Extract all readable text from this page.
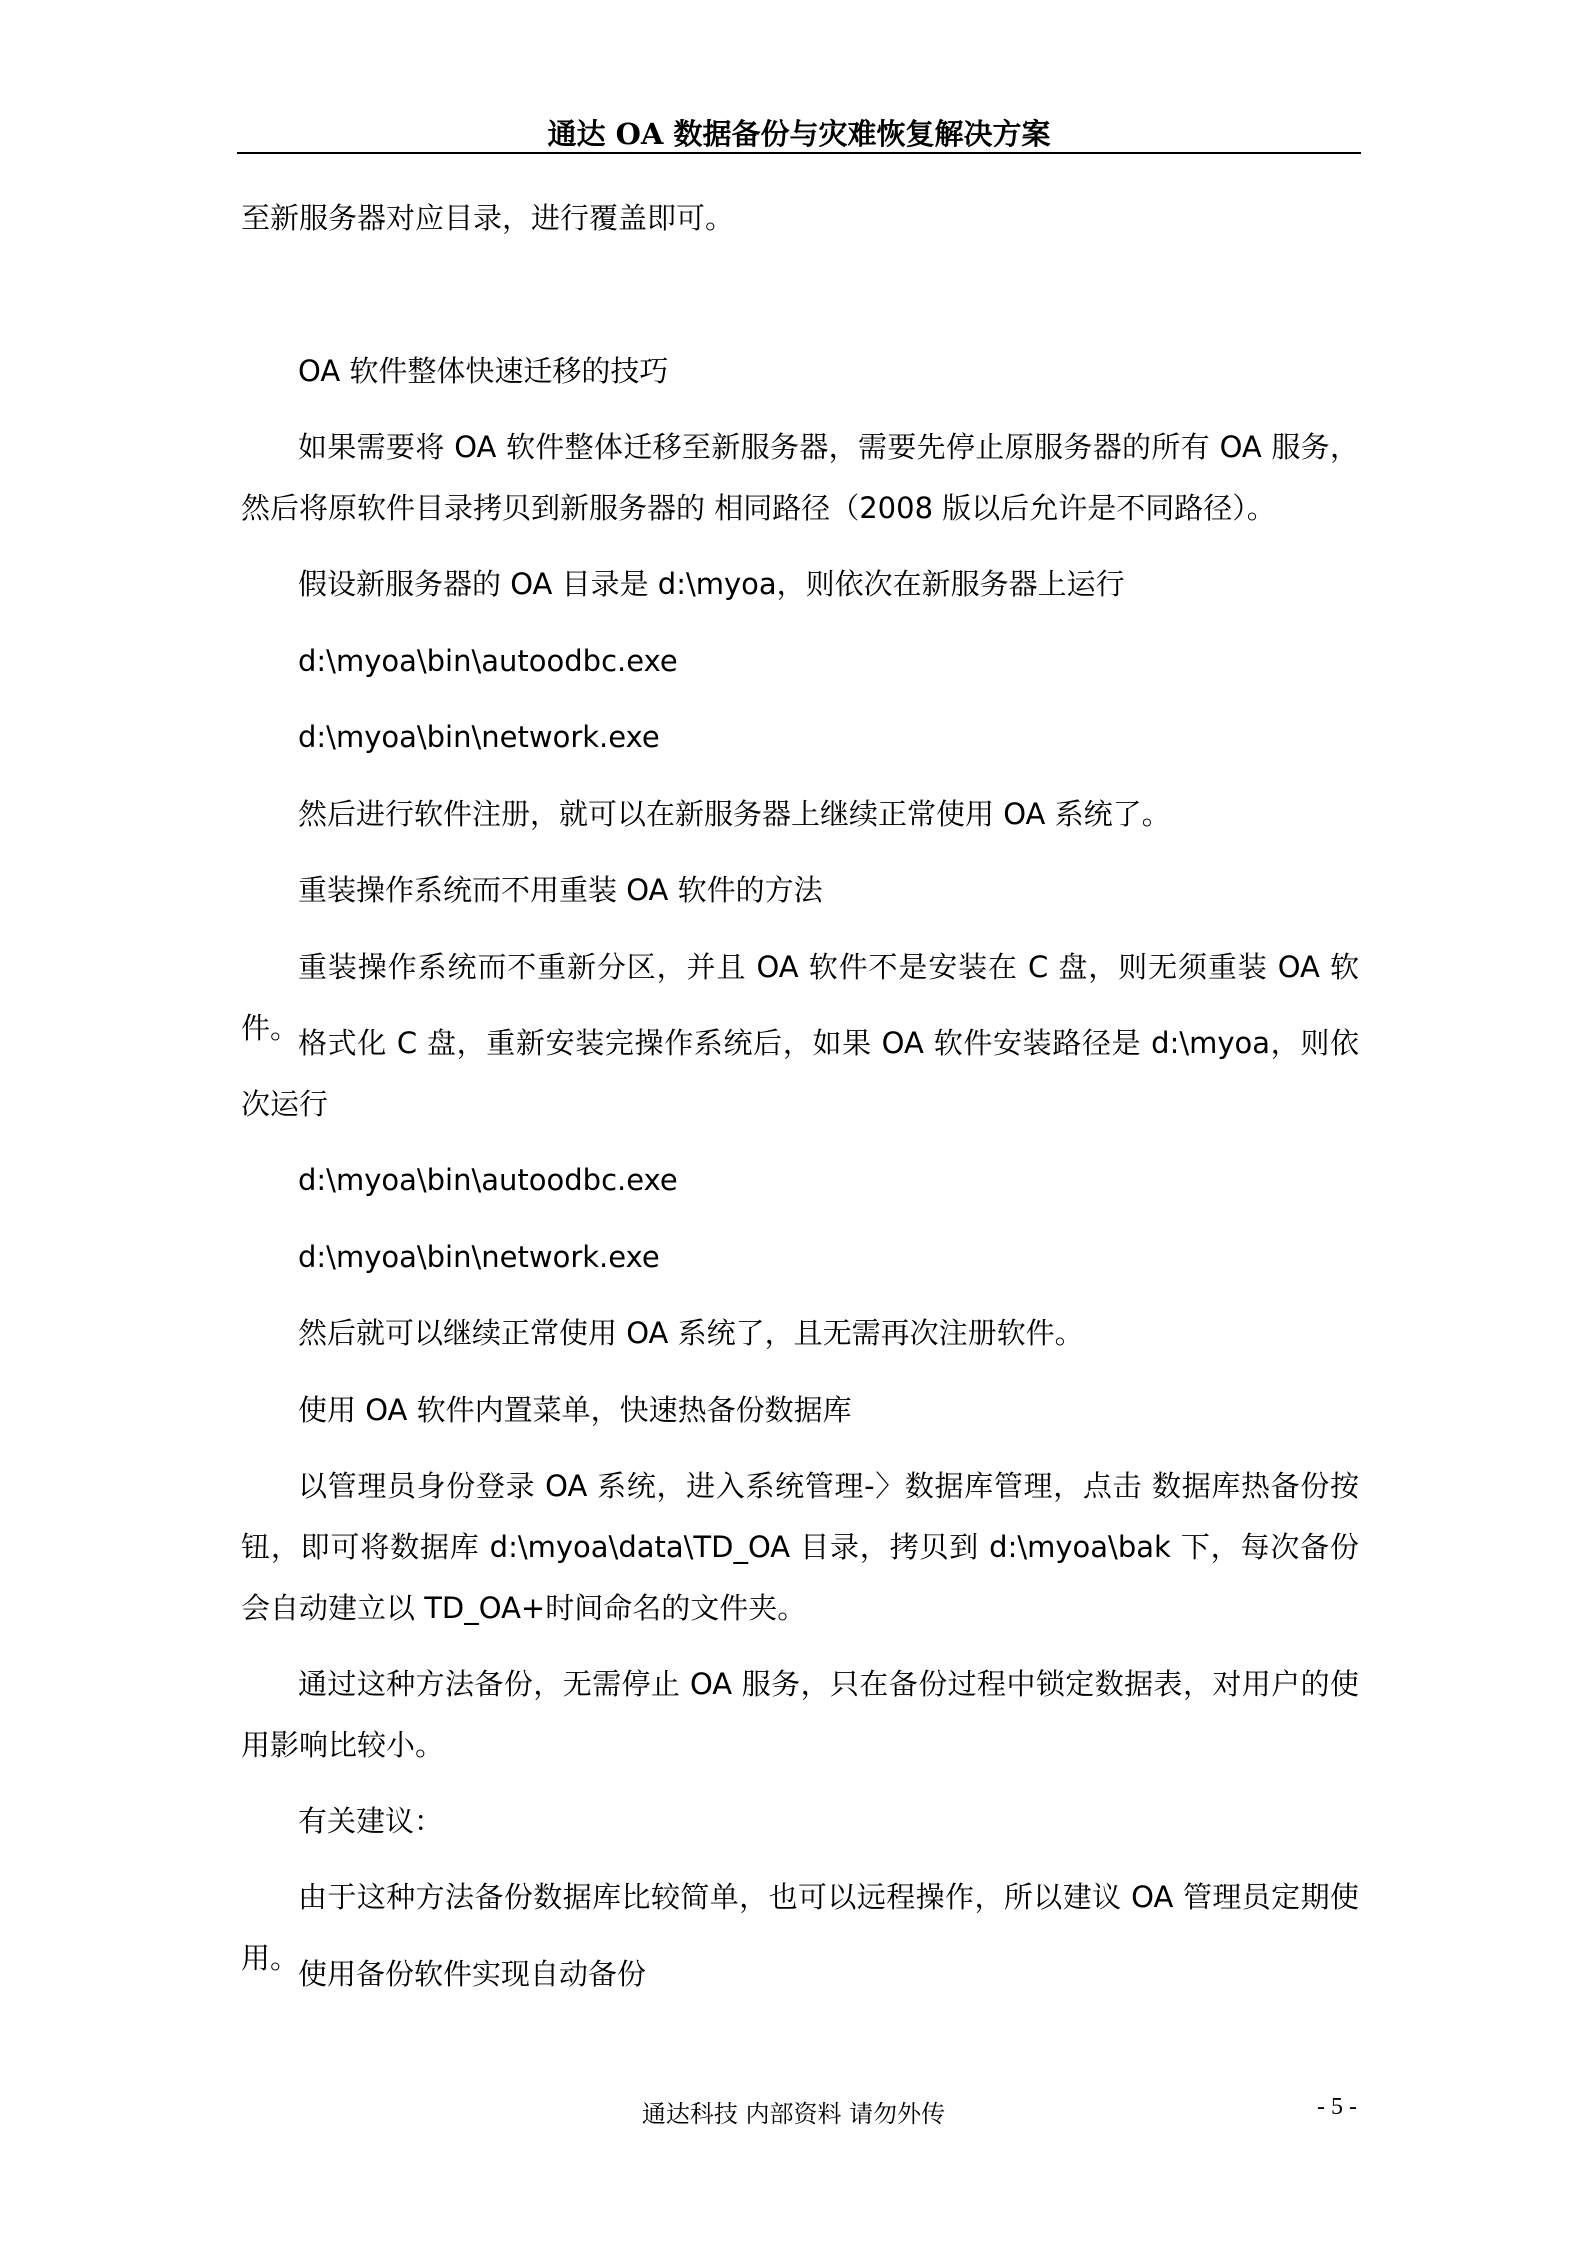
通达 OA 数据备份与灾难恢复解决方案
至新服务器对应目录，进行覆盖即可。
OA 软件整体快速迁移的技巧
如果需要将 OA 软件整体迁移至新服务器，需要先停止原服务器的所有 OA 服务，然后将原软件目录拷贝到新服务器的 相同路径（2008 版以后允许是不同路径）。
假设新服务器的 OA 目录是 d:\myoa，则依次在新服务器上运行
d:\myoa\bin\autoodbc.exe
d:\myoa\bin\network.exe
然后进行软件注册，就可以在新服务器上继续正常使用 OA 系统了。
重装操作系统而不用重装 OA 软件的方法
重装操作系统而不重新分区，并且 OA 软件不是安装在 C 盘，则无须重装 OA 软件。
格式化 C 盘，重新安装完操作系统后，如果 OA 软件安装路径是 d:\myoa，则依次运行
d:\myoa\bin\autoodbc.exe
d:\myoa\bin\network.exe
然后就可以继续正常使用 OA 系统了，且无需再次注册软件。
使用 OA 软件内置菜单，快速热备份数据库
以管理员身份登录 OA 系统，进入系统管理-〉数据库管理，点击 数据库热备份按钮，即可将数据库 d:\myoa\data\TD_OA 目录，拷贝到 d:\myoa\bak 下，每次备份会自动建立以 TD_OA+时间命名的文件夹。
通过这种方法备份，无需停止 OA 服务，只在备份过程中锁定数据表，对用户的使用影响比较小。
有关建议：
由于这种方法备份数据库比较简单，也可以远程操作，所以建议 OA 管理员定期使用。
使用备份软件实现自动备份
通达科技 内部资料 请勿外传	- 5 -
